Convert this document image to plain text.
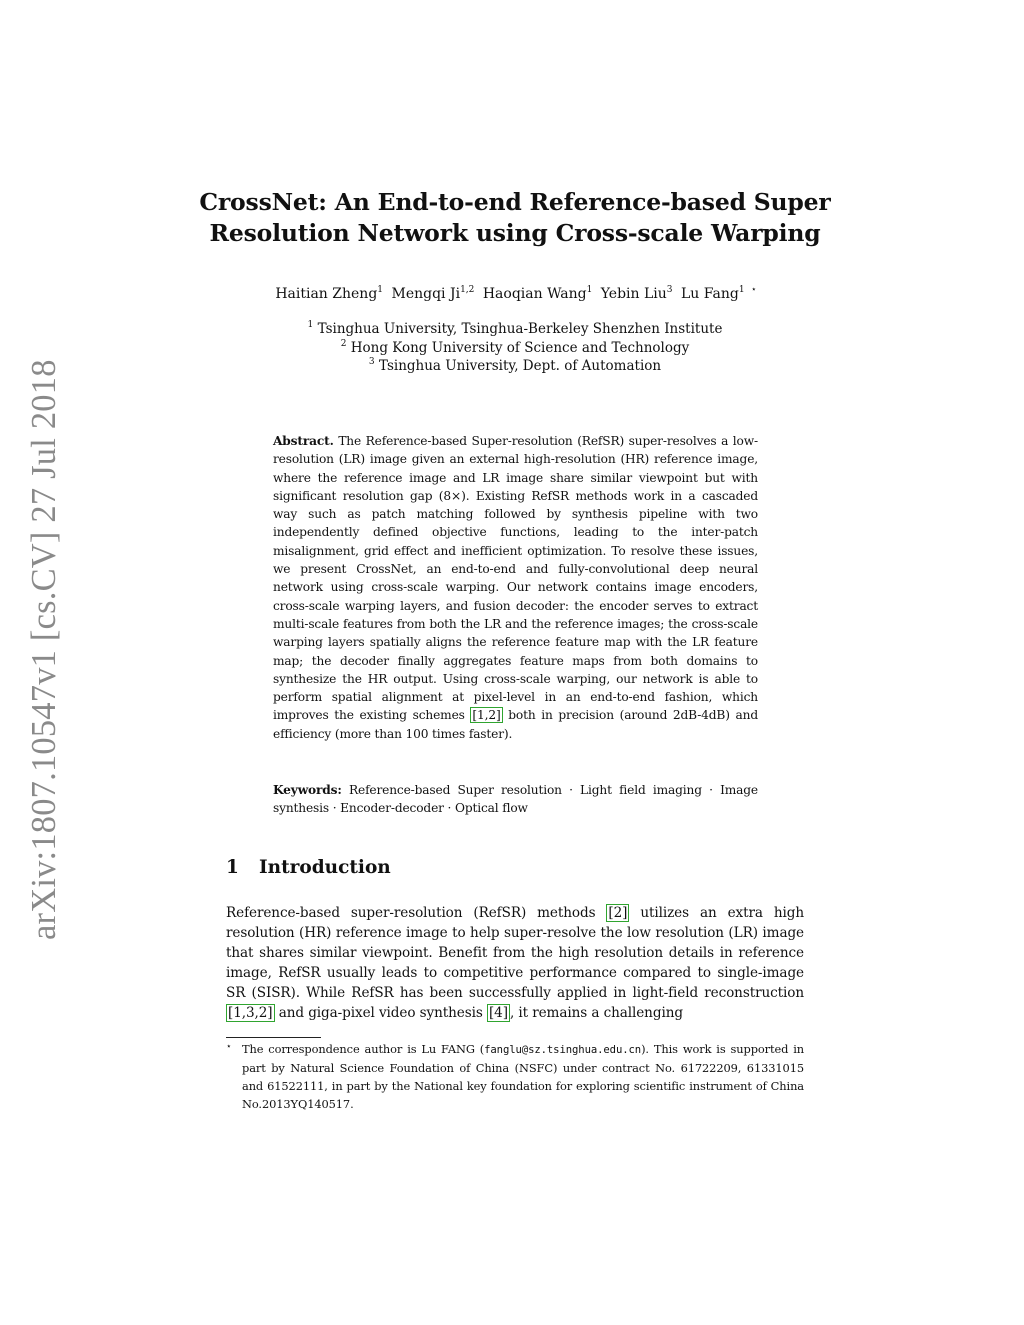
arXiv:1807.10547v1 [cs.CV] 27 Jul 2018
CrossNet: An End-to-end Reference-based Super
Resolution Network using Cross-scale Warping
Haitian Zheng$^1$ Mengqi Ji$^{1,2}$ Haoqian Wang$^1$ Yebin Liu$^3$ Lu Fang$^1$ ⋆
$^1$ Tsinghua University, Tsinghua-Berkeley Shenzhen Institute
$^2$ Hong Kong University of Science and Technology
$^3$ Tsinghua University, Dept. of Automation
Abstract. The Reference-based Super-resolution (RefSR) super-resolves a low-resolution (LR) image given an external high-resolution (HR) reference image, where the reference image and LR image share similar viewpoint but with significant resolution gap (8×). Existing RefSR methods work in a cascaded way such as patch matching followed by synthesis pipeline with two independently defined objective functions, leading to the inter-patch misalignment, grid effect and inefficient optimization. To resolve these issues, we present CrossNet, an end-to-end and fully-convolutional deep neural network using cross-scale warping. Our network contains image encoders, cross-scale warping layers, and fusion decoder: the encoder serves to extract multi-scale features from both the LR and the reference images; the cross-scale warping layers spatially aligns the reference feature map with the LR feature map; the decoder finally aggregates feature maps from both domains to synthesize the HR output. Using cross-scale warping, our network is able to perform spatial alignment at pixel-level in an end-to-end fashion, which improves the existing schemes [1,2] both in precision (around 2dB-4dB) and efficiency (more than 100 times faster).
Keywords: Reference-based Super resolution · Light field imaging · Image synthesis · Encoder-decoder · Optical flow
1 Introduction
Reference-based super-resolution (RefSR) methods [2] utilizes an extra high resolution (HR) reference image to help super-resolve the low resolution (LR) image that shares similar viewpoint. Benefit from the high resolution details in reference image, RefSR usually leads to competitive performance compared to single-image SR (SISR). While RefSR has been successfully applied in light-field reconstruction [1,3,2] and giga-pixel video synthesis [4] , it remains a challenging
⋆ The correspondence author is Lu FANG (fanglu@sz.tsinghua.edu.cn). This work is supported in part by Natural Science Foundation of China (NSFC) under contract No. 61722209, 61331015 and 61522111, in part by the National key foundation for exploring scientific instrument of China No.2013YQ140517.
